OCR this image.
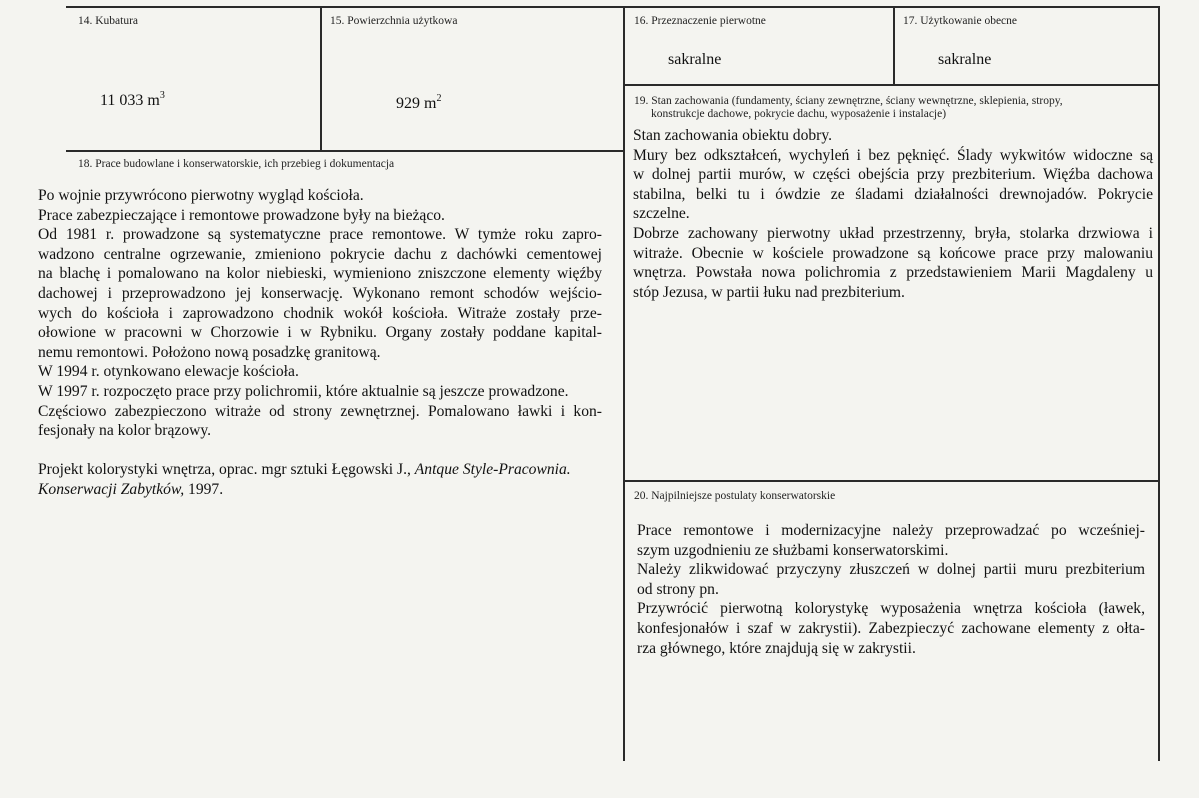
14. Kubatura
11 033 $m^3$
15. Powierzchnia użytkowa
929 $m^2$
16. Przeznaczenie pierwotne
sakralne
17. Użytkowanie obecne
sakralne
18. Prace budowlane i konserwatorskie, ich przebieg i dokumentacja
Po wojnie przywrócono pierwotny wygląd kościoła.
Prace zabezpieczające i remontowe prowadzone były na bieżąco.
Od 1981 r. prowadzone są systematyczne prace remontowe. W tymże roku zapro-
wadzono centralne ogrzewanie, zmieniono pokrycie dachu z dachówki cementowej
na blachę i pomalowano na kolor niebieski, wymieniono zniszczone elementy więźby
dachowej i przeprowadzono jej konserwację. Wykonano remont schodów wejścio-
wych do kościoła i zaprowadzono chodnik wokół kościoła. Witraże zostały prze-
ołowione w pracowni w Chorzowie i w Rybniku. Organy zostały poddane kapital-
nemu remontowi. Położono nową posadzkę granitową.
W 1994 r. otynkowano elewacje kościoła.
W 1997 r. rozpoczęto prace przy polichromii, które aktualnie są jeszcze prowadzone.
Częściowo zabezpieczono witraże od strony zewnętrznej. Pomalowano ławki i kon-
fesjonały na kolor brązowy.
Projekt kolorystyki wnętrza, oprac. mgr sztuki Łęgowski J., Antque Style-Pracownia.
Konserwacji Zabytków, 1997.
19. Stan zachowania (fundamenty, ściany zewnętrzne, ściany wewnętrzne, sklepienia, stropy,
konstrukcje dachowe, pokrycie dachu, wyposażenie i instalacje)
Stan zachowania obiektu dobry.
Mury bez odkształceń, wychyleń i bez pęknięć. Ślady wykwitów widoczne są
w dolnej partii murów, w części obejścia przy prezbiterium. Więźba dachowa
stabilna, belki tu i ówdzie ze śladami działalności drewnojadów. Pokrycie
szczelne.
Dobrze zachowany pierwotny układ przestrzenny, bryła, stolarka drzwiowa i
witraże. Obecnie w kościele prowadzone są końcowe prace przy malowaniu
wnętrza. Powstała nowa polichromia z przedstawieniem Marii Magdaleny u
stóp Jezusa, w partii łuku nad prezbiterium.
20. Najpilniejsze postulaty konserwatorskie
Prace remontowe i modernizacyjne należy przeprowadzać po wcześniej-
szym uzgodnieniu ze służbami konserwatorskimi.
Należy zlikwidować przyczyny złuszczeń w dolnej partii muru prezbiterium
od strony pn.
Przywrócić pierwotną kolorystykę wyposażenia wnętrza kościoła (ławek,
konfesjonałów i szaf w zakrystii). Zabezpieczyć zachowane elementy z ołta-
rza głównego, które znajdują się w zakrystii.
